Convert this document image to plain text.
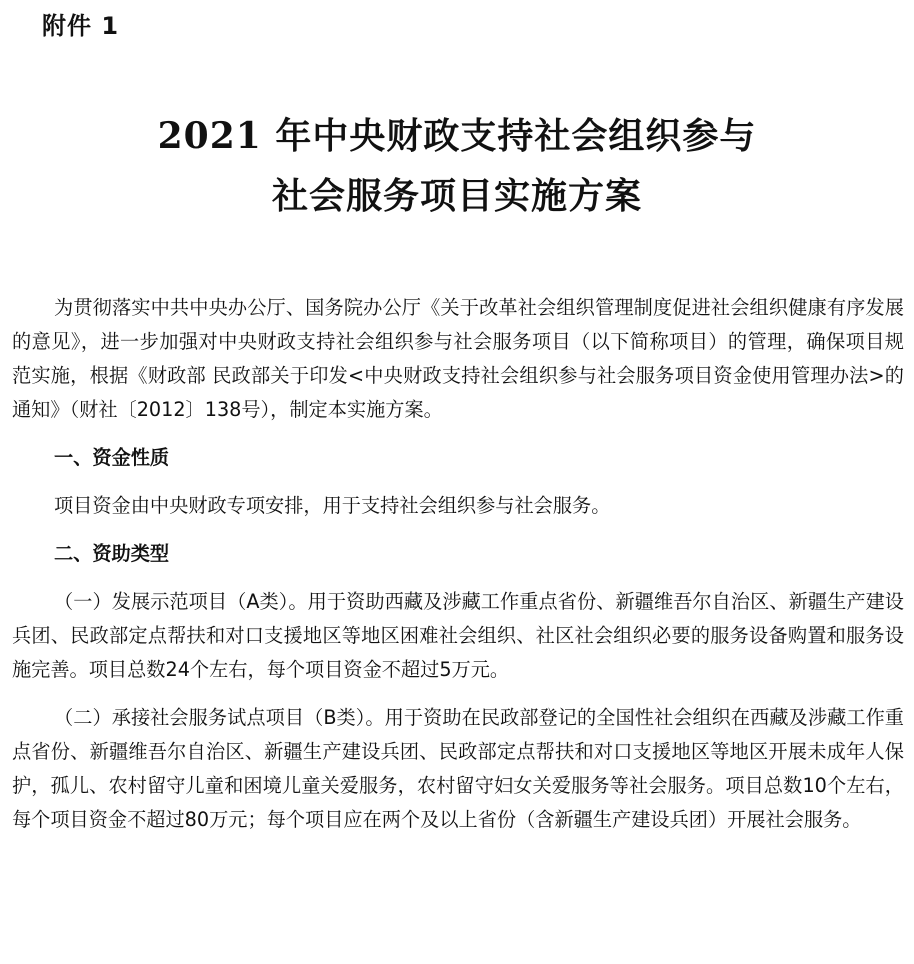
附件 1
2021 年中央财政支持社会组织参与
社会服务项目实施方案

为贯彻落实中共中央办公厅、国务院办公厅《关于改革社会组织管理制度促进社会组织健康有序发展的意见》，进一步加强对中央财政支持社会组织参与社会服务项目（以下简称项目）的管理，确保项目规范实施，根据《财政部 民政部关于印发<中央财政支持社会组织参与社会服务项目资金使用管理办法>的通知》（财社〔2012〕138号），制定本实施方案。

一、资金性质

项目资金由中央财政专项安排，用于支持社会组织参与社会服务。

二、资助类型

（一）发展示范项目（A类）。用于资助西藏及涉藏工作重点省份、新疆维吾尔自治区、新疆生产建设兵团、民政部定点帮扶和对口支援地区等地区困难社会组织、社区社会组织必要的服务设备购置和服务设施完善。项目总数24个左右，每个项目资金不超过5万元。

（二）承接社会服务试点项目（B类）。用于资助在民政部登记的全国性社会组织在西藏及涉藏工作重点省份、新疆维吾尔自治区、新疆生产建设兵团、民政部定点帮扶和对口支援地区等地区开展未成年人保护，孤儿、农村留守儿童和困境儿童关爱服务，农村留守妇女关爱服务等社会服务。项目总数10个左右，每个项目资金不超过80万元；每个项目应在两个及以上省份（含新疆生产建设兵团）开展社会服务。
